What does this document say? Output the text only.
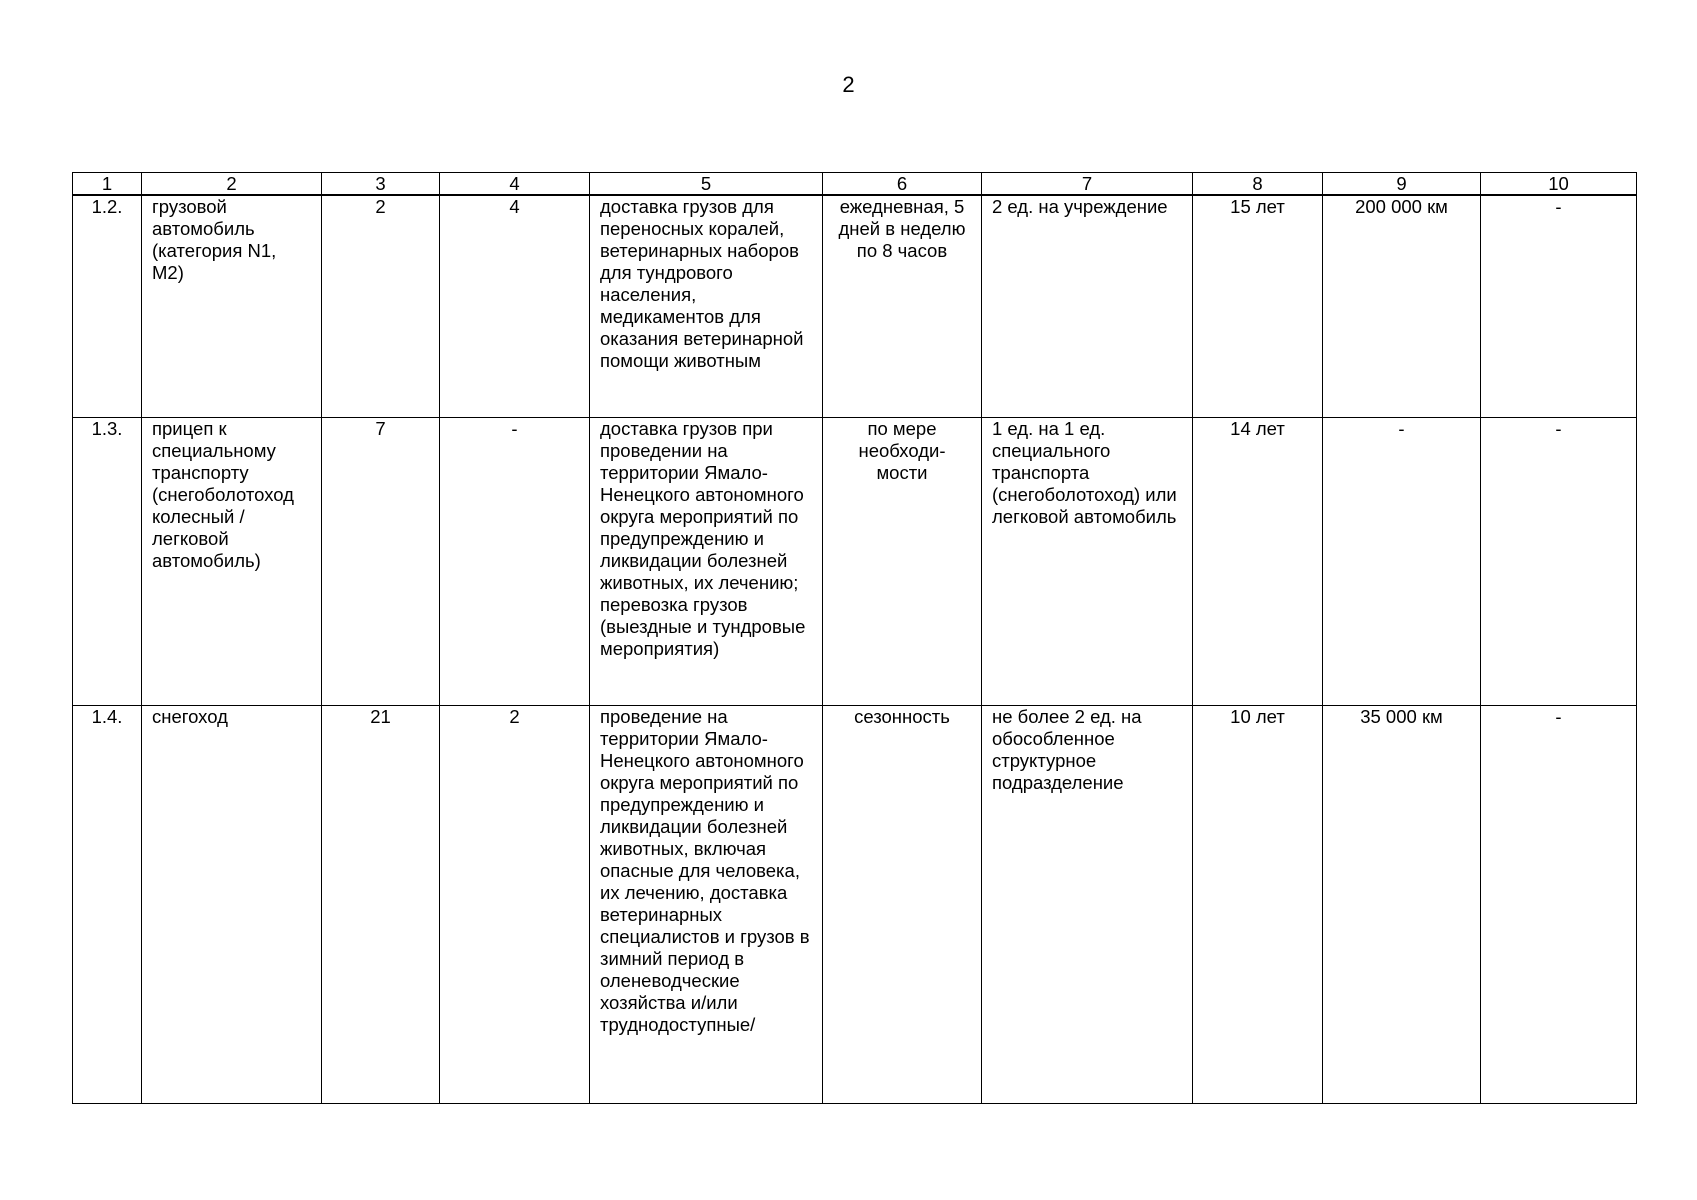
2
1	2	3	4	5	6	7	8	9	10
1.2.	грузовой автомобиль (категория N1, M2)	2	4	доставка грузов для переносных коралей, ветеринарных наборов для тундрового населения, медикаментов для оказания ветеринарной помощи животным	ежедневная, 5 дней в неделю по 8 часов	2 ед. на учреждение	15 лет	200 000 км	-
1.3.	прицеп к специальному транспорту (снегоболотоход колесный / легковой автомобиль)	7	-	доставка грузов при проведении на территории Ямало-Ненецкого автономного округа мероприятий по предупреждению и ликвидации болезней животных, их лечению; перевозка грузов (выездные и тундровые мероприятия)	по мере необходи-мости	1 ед. на 1 ед. специального транспорта (снегоболотоход) или легковой автомобиль	14 лет	-	-
1.4.	снегоход	21	2	проведение на территории Ямало-Ненецкого автономного округа мероприятий по предупреждению и ликвидации болезней животных, включая опасные для человека, их лечению, доставка ветеринарных специалистов и грузов в зимний период в оленеводческие хозяйства и/или труднодоступные/	сезонность	не более 2 ед. на обособленное структурное подразделение	10 лет	35 000 км	-
